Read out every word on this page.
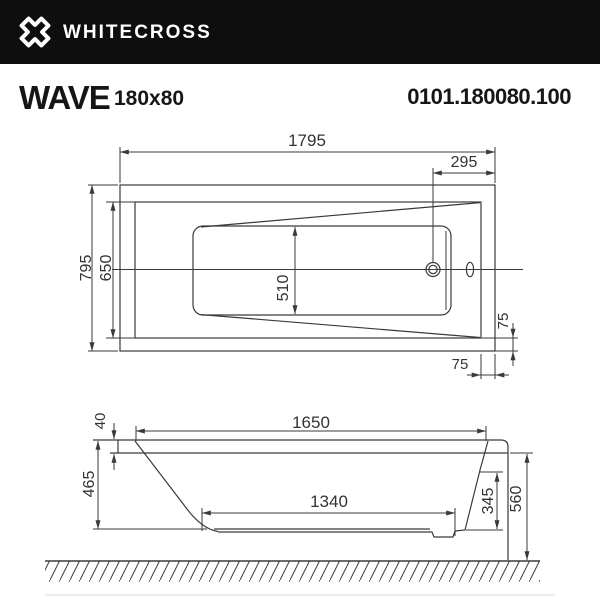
WHITECROSS
WAVE 180x80	0101.180080.100
1795
295
795 650
510
75
75
40	1650
465
1340	345 560
